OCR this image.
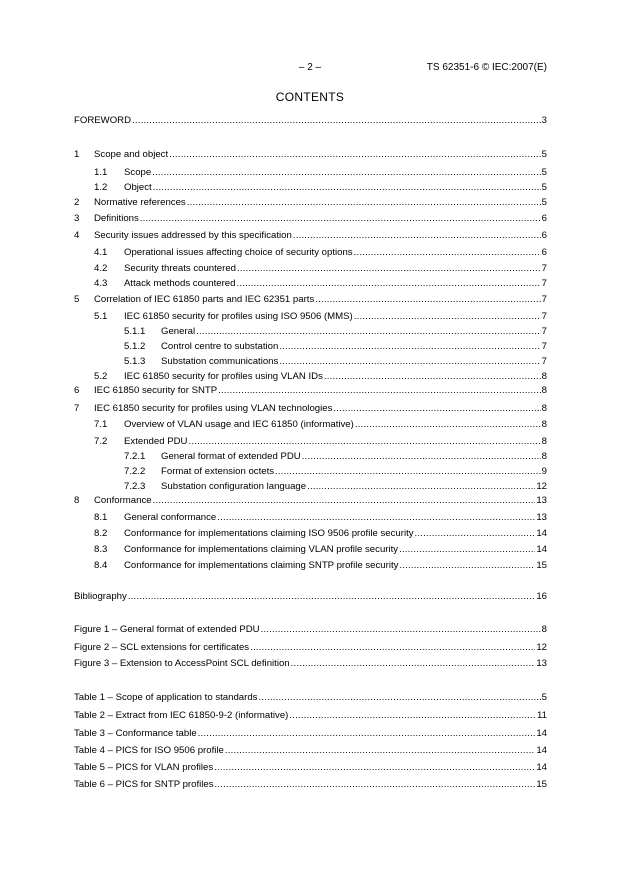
– 2 –	TS 62351-6 © IEC:2007(E)
CONTENTS
FOREWORD .....	3
1	Scope and object .....	5
1.1	Scope .....	5
1.2	Object .....	5
2	Normative references .....	5
3	Definitions .....	6
4	Security issues addressed by this specification .....	6
4.1	Operational issues affecting choice of security options .....	6
4.2	Security threats countered .....	7
4.3	Attack methods countered .....	7
5	Correlation of IEC 61850 parts and IEC 62351 parts .....	7
5.1	IEC 61850 security for profiles using ISO 9506 (MMS) .....	7
5.1.1	General .....	7
5.1.2	Control centre to substation .....	7
5.1.3	Substation communications .....	7
5.2	IEC 61850 security for profiles using VLAN IDs .....	8
6	IEC 61850 security for SNTP .....	8
7	IEC 61850 security for profiles using VLAN technologies .....	8
7.1	Overview of VLAN usage and IEC 61850 (informative) .....	8
7.2	Extended PDU .....	8
7.2.1	General format of extended PDU .....	8
7.2.2	Format of extension octets .....	9
7.2.3	Substation configuration language .....	12
8	Conformance .....	13
8.1	General conformance .....	13
8.2	Conformance for implementations claiming ISO 9506 profile security .....	14
8.3	Conformance for implementations claiming VLAN profile security .....	14
8.4	Conformance for implementations claiming SNTP profile security .....	15
Bibliography .....	16
Figure 1 – General format of extended PDU .....	8
Figure 2 – SCL extensions for certificates .....	12
Figure 3 – Extension to AccessPoint SCL definition .....	13
Table 1 – Scope of application to standards .....	5
Table 2 – Extract from IEC 61850-9-2 (informative) .....	11
Table 3 – Conformance table .....	14
Table 4 – PICS for ISO 9506 profile .....	14
Table 5 – PICS for VLAN profiles .....	14
Table 6 – PICS for SNTP profiles .....	15
